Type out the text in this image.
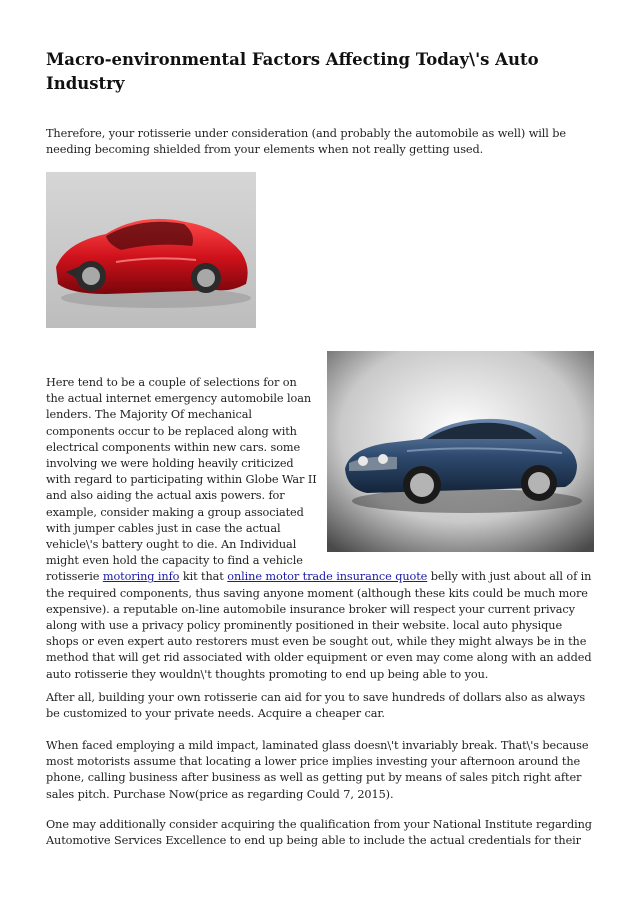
Macro-environmental Factors Affecting Today\'s Auto Industry

Therefore, your rotisserie under consideration (and probably the automobile as well) will be needing becoming shielded from your elements when not really getting used.

Here tend to be a couple of selections for on the actual internet emergency automobile loan lenders. The Majority Of mechanical components occur to be replaced along with electrical components within new cars. some involving we were holding heavily criticized with regard to participating within Globe War II and also aiding the actual axis powers. for example, consider making a group associated with jumper cables just in case the actual vehicle\'s battery ought to die. An Individual might even hold the capacity to find a vehicle rotisserie motoring info kit that online motor trade insurance quote belly with just about all of in the required components, thus saving anyone moment (although these kits could be much more expensive). a reputable on-line automobile insurance broker will respect your current privacy along with use a privacy policy prominently positioned in their website. local auto physique shops or even expert auto restorers must even be sought out, while they might always be in the method that will get rid associated with older equipment or even may come along with an added auto rotisserie they wouldn\'t thoughts promoting to end up being able to you.

After all, building your own rotisserie can aid for you to save hundreds of dollars also as always be customized to your private needs. Acquire a cheaper car.

When faced employing a mild impact, laminated glass doesn\'t invariably break. That\'s because most motorists assume that locating a lower price implies investing your afternoon around the phone, calling business after business as well as getting put by means of sales pitch right after sales pitch. Purchase Now(price as regarding Could 7, 2015).

One may additionally consider acquiring the qualification from your National Institute regarding Automotive Services Excellence to end up being able to include the actual credentials for their
